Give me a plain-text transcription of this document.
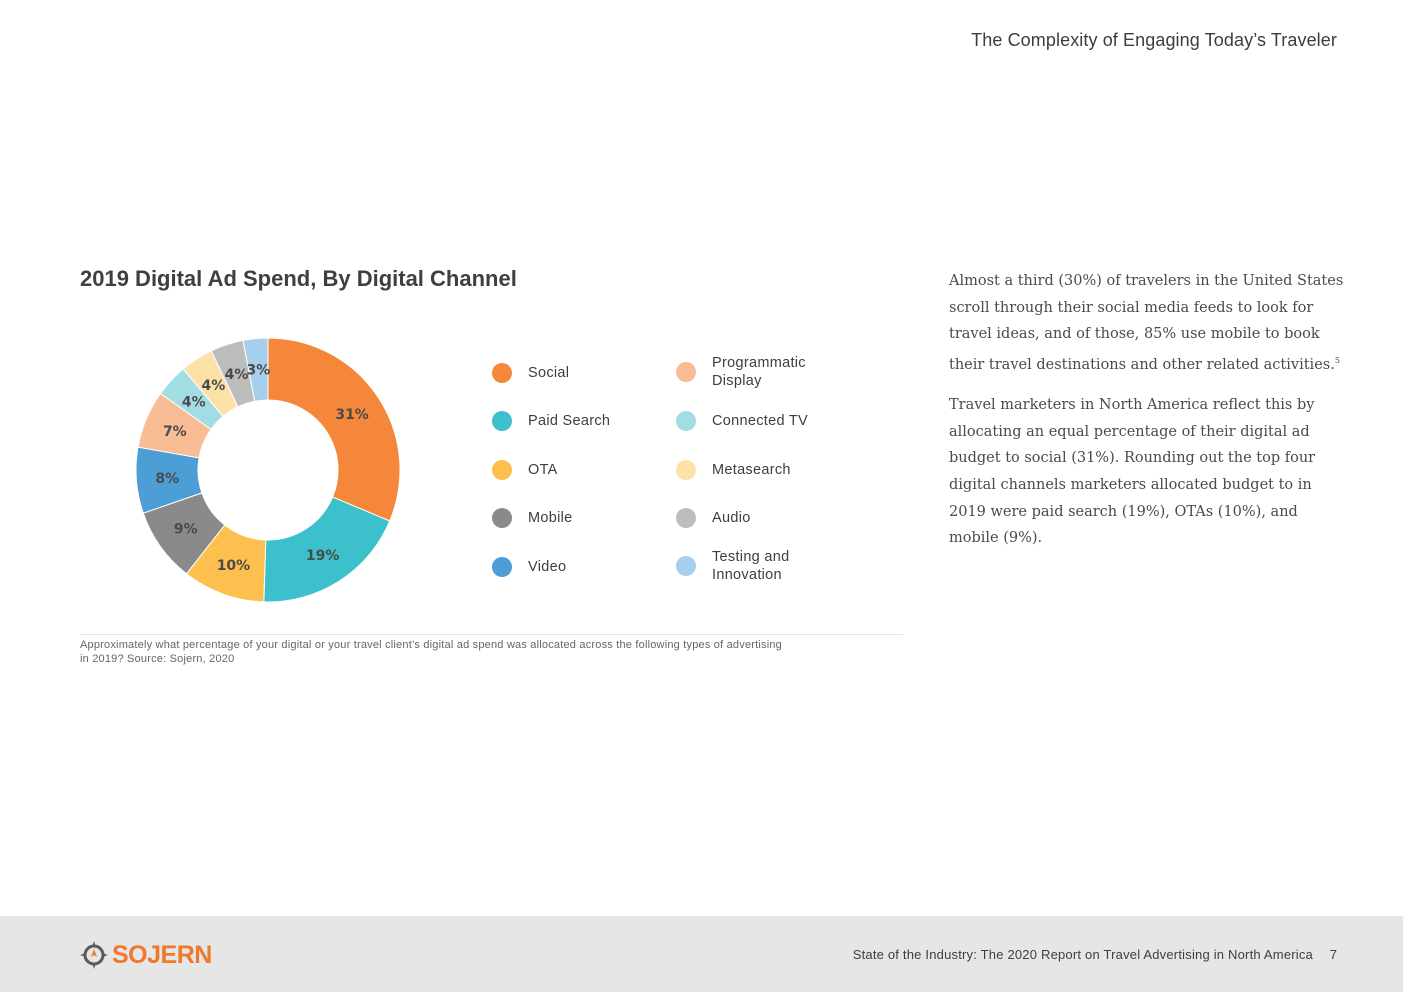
The Complexity of Engaging Today’s Traveler
2019 Digital Ad Spend, By Digital Channel
31%
19%
10%
9%
8%
7%
4%
4%
4%
3%	Social
Paid Search
OTA
Mobile
Video
Programmatic
Display
Connected TV
Metasearch
Audio
Testing and
Innovation

Approximately what percentage of your digital or your travel client’s digital ad spend was allocated across the following types of advertising
in 2019? Source: Sojern, 2020

Almost a third (30%) of travelers in the United States scroll through their social media feeds to look for travel ideas, and of those, 85% use mobile to book their travel destinations and other related activities.$^5$

Travel marketers in North America reflect this by allocating an equal percentage of their digital ad budget to social (31%). Rounding out the top four digital channels marketers allocated budget to in 2019 were paid search (19%), OTAs (10%), and mobile (9%).

SOJERN	State of the Industry: The 2020 Report on Travel Advertising in North America 7
